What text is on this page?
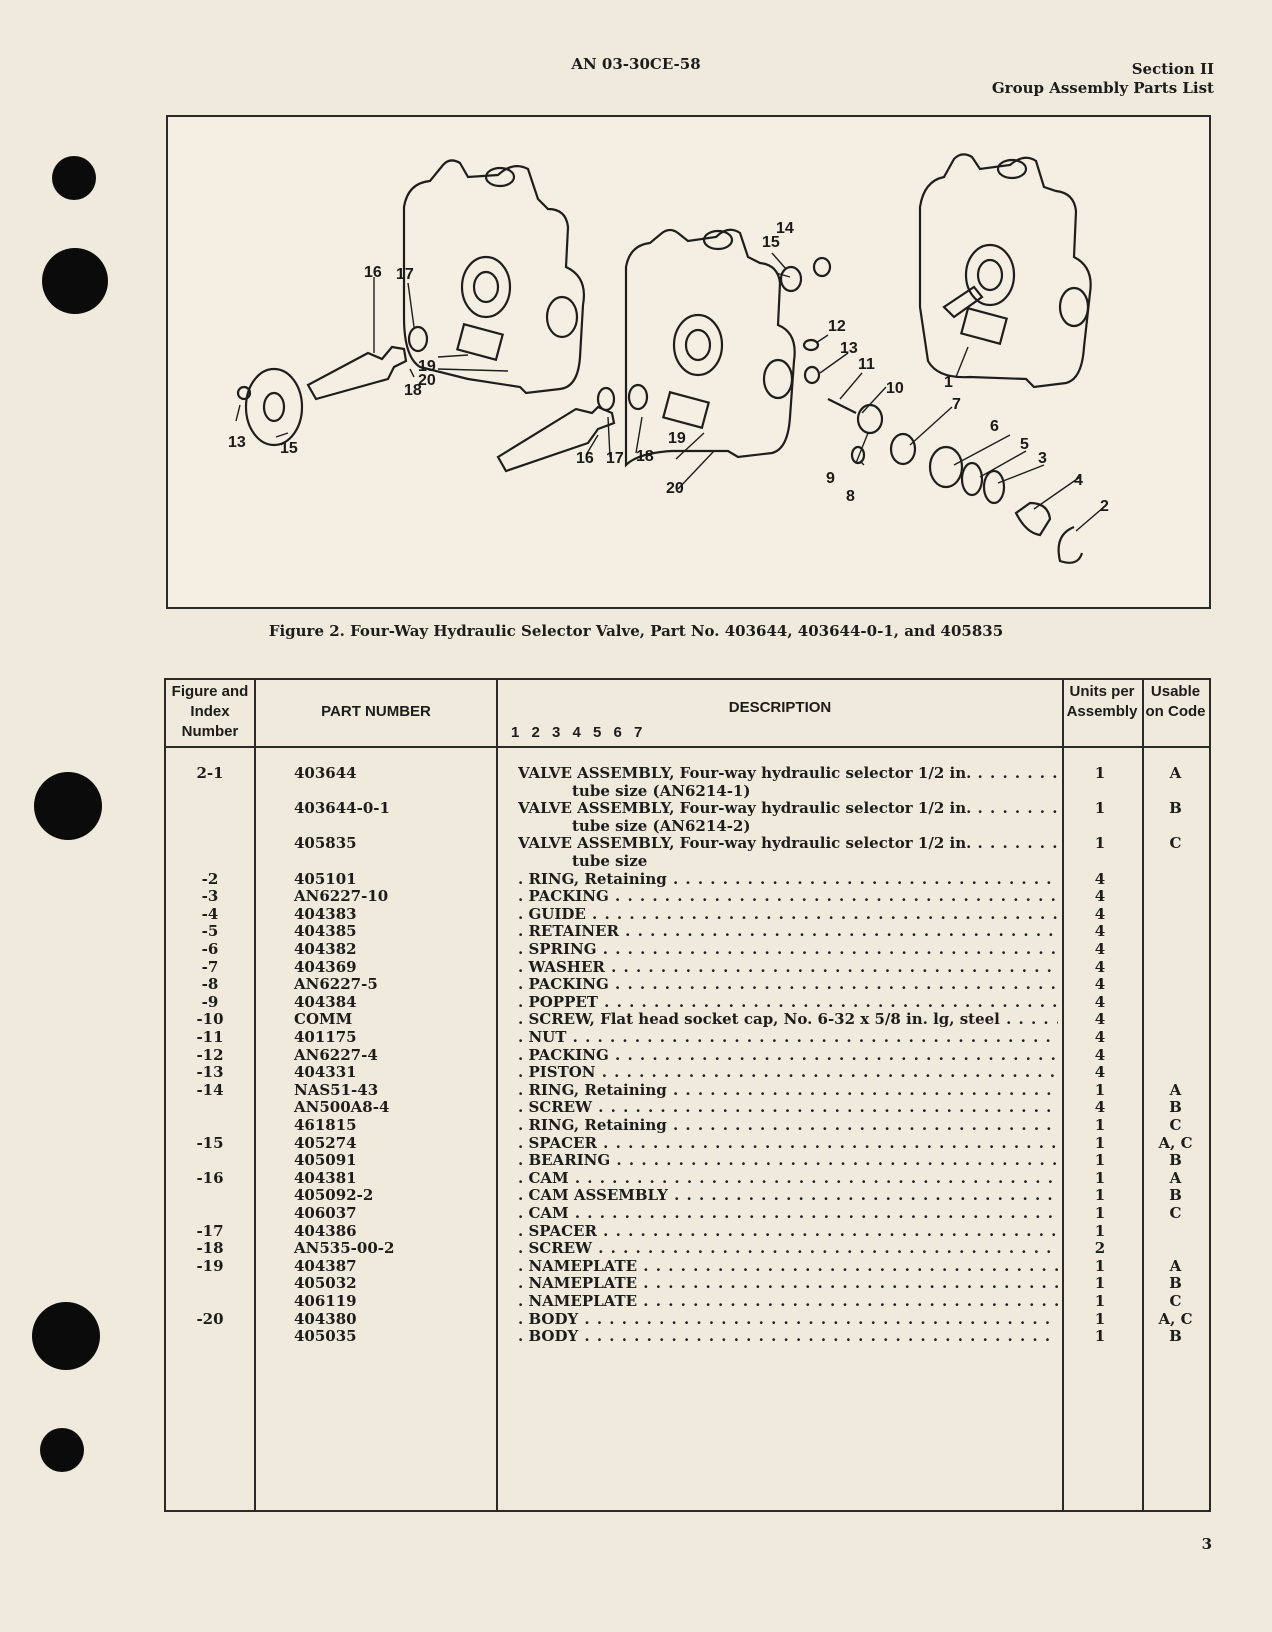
AN 03-30CE-58	Section II
Group Assembly Parts List
13 15
16 17
18
19
20
16 17 18
19
20
15
14
12
13
11
10
9
8
7
6
5
3
4
2
1
Figure 2. Four-Way Hydraulic Selector Valve, Part No. 403644, 403644-0-1, and 405835
Figure and Index Number
PART NUMBER	DESCRIPTION
1 2 3 4 5 6 7
Units per Assembly
Usable on Code
2-1	403644	VALVE ASSEMBLY, Four-way hydraulic selector 1/2 in. . . .	1	A
tube size (AN6214-1)
403644-0-1	VALVE ASSEMBLY, Four-way hydraulic selector 1/2 in. . . .	1	B
tube size (AN6214-2)
405835	VALVE ASSEMBLY, Four-way hydraulic selector 1/2 in. . . .	1	C
tube size
-2	405101	. RING, Retaining . . .	4
-3	AN6227-10	. PACKING . . .	4
-4	404383	. GUIDE . . .	4
-5	404385	. RETAINER . . .	4
-6	404382	. SPRING . . .	4
-7	404369	. WASHER . . .	4
-8	AN6227-5	. PACKING . . .	4
-9	404384	. POPPET . . .	4
-10	COMM	. SCREW, Flat head socket cap, No. 6-32 x 5/8 in. lg, steel . . .	4
-11	401175	. NUT . . .	4
-12	AN6227-4	. PACKING . . .	4
-13	404331	. PISTON . . .	4
-14	NAS51-43	. RING, Retaining . . .	1	A
AN500A8-4	. SCREW . . .	4	B
461815	. RING, Retaining . . .	1	C
-15	405274	. SPACER . . .	1	A, C
405091	. BEARING . . .	1	B
-16	404381	. CAM . . .	1	A
405092-2	. CAM ASSEMBLY . . .	1	B
406037	. CAM . . .	1	C
-17	404386	. SPACER . . .	1
-18	AN535-00-2	. SCREW . . .	2
-19	404387	. NAMEPLATE . . .	1	A
405032	. NAMEPLATE . . .	1	B
406119	. NAMEPLATE . . .	1	C
-20	404380	. BODY . . .	1	A, C
405035	. BODY . . .	1	B
3
